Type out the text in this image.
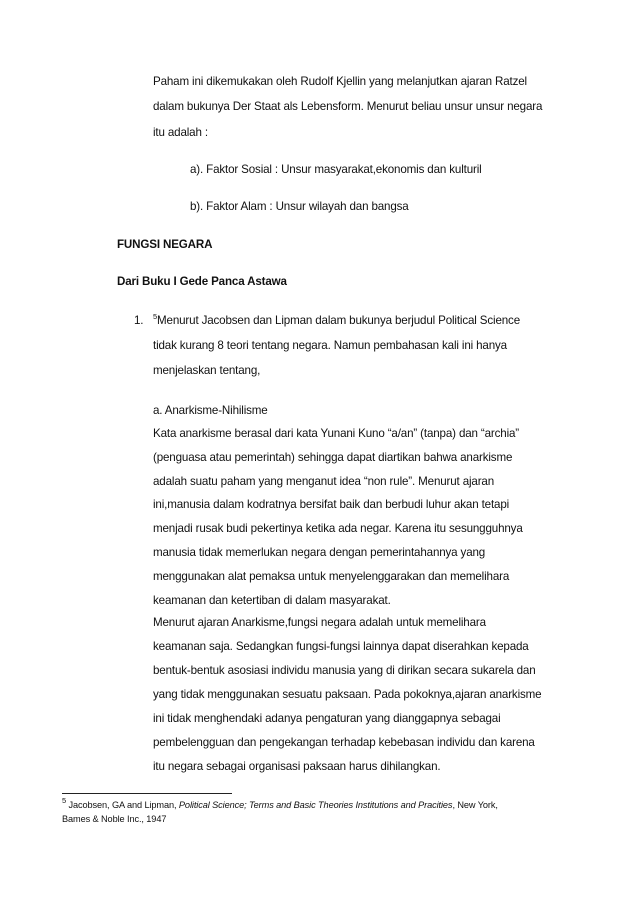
Paham ini dikemukakan oleh Rudolf Kjellin yang melanjutkan ajaran Ratzel
dalam bukunya Der Staat als Lebensform. Menurut beliau unsur unsur negara
itu adalah :
a). Faktor Sosial : Unsur masyarakat,ekonomis dan kulturil
b). Faktor Alam : Unsur wilayah dan bangsa
FUNGSI NEGARA
Dari Buku I Gede Panca Astawa
1. $^5$Menurut Jacobsen dan Lipman dalam bukunya berjudul Political Science
tidak kurang 8 teori tentang negara. Namun pembahasan kali ini hanya
menjelaskan tentang,
a. Anarkisme-Nihilisme
Kata anarkisme berasal dari kata Yunani Kuno “a/an” (tanpa) dan “archia”
(penguasa atau pemerintah) sehingga dapat diartikan bahwa anarkisme
adalah suatu paham yang menganut idea “non rule”. Menurut ajaran
ini,manusia dalam kodratnya bersifat baik dan berbudi luhur akan tetapi
menjadi rusak budi pekertinya ketika ada negar. Karena itu sesungguhnya
manusia tidak memerlukan negara dengan pemerintahannya yang
menggunakan alat pemaksa untuk menyelenggarakan dan memelihara
keamanan dan ketertiban di dalam masyarakat.
Menurut ajaran Anarkisme,fungsi negara adalah untuk memelihara
keamanan saja. Sedangkan fungsi-fungsi lainnya dapat diserahkan kepada
bentuk-bentuk asosiasi individu manusia yang di dirikan secara sukarela dan
yang tidak menggunakan sesuatu paksaan. Pada pokoknya,ajaran anarkisme
ini tidak menghendaki adanya pengaturan yang dianggapnya sebagai
pembelengguan dan pengekangan terhadap kebebasan individu dan karena
itu negara sebagai organisasi paksaan harus dihilangkan.
$^5$ Jacobsen, GA and Lipman, Political Science; Terms and Basic Theories Institutions and Pracities, New York,
Bames & Noble Inc., 1947
